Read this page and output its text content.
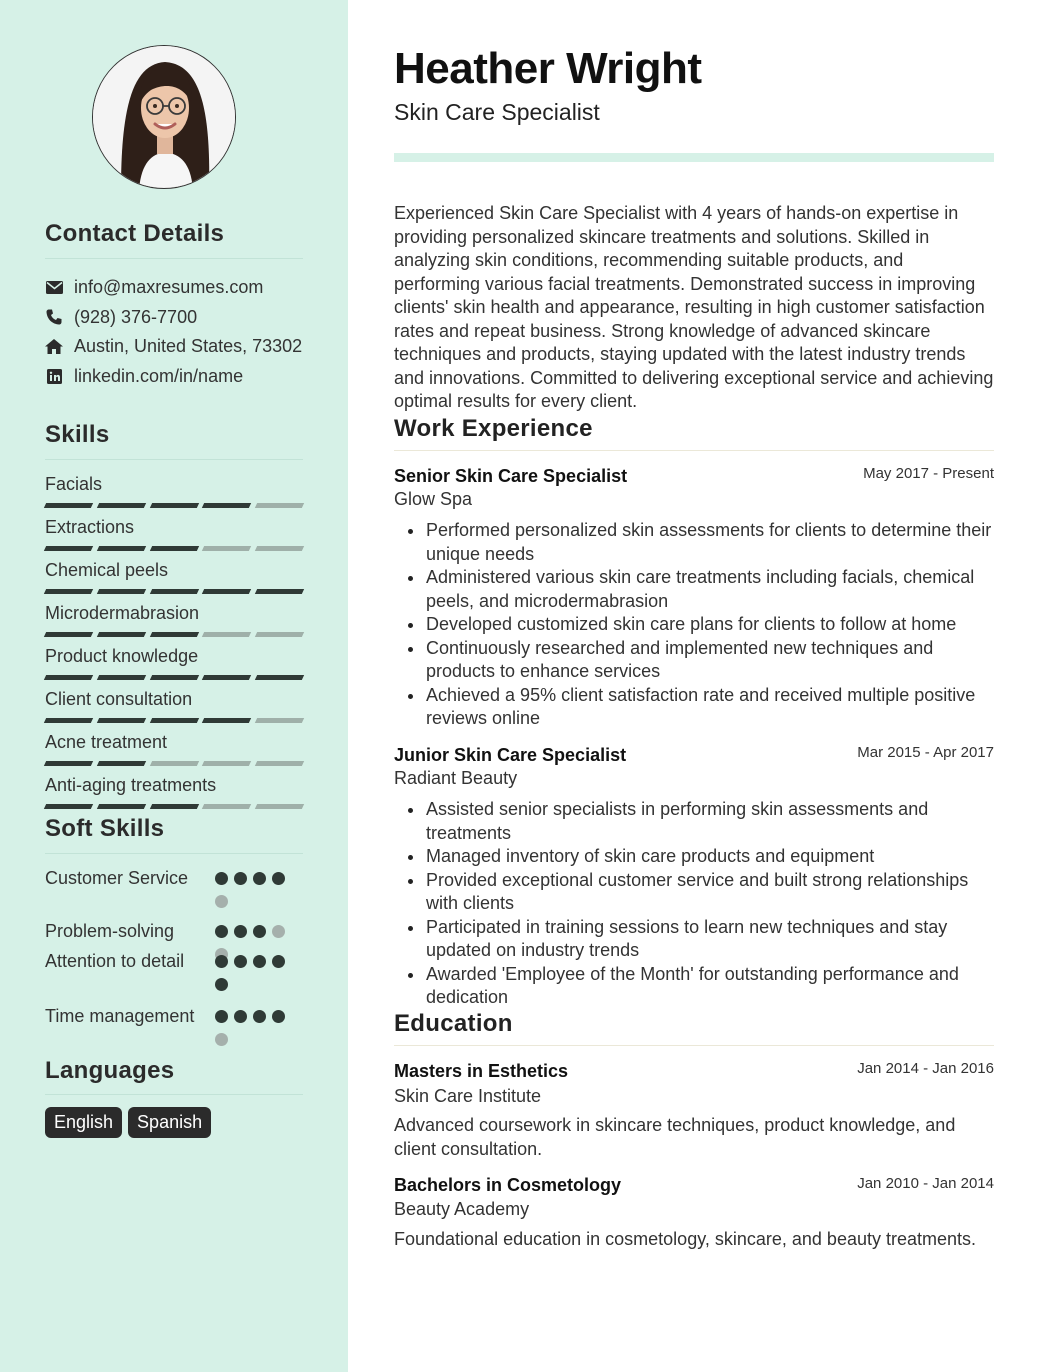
Contact Details
info@maxresumes.com
(928) 376-7700
Austin, United States, 73302
linkedin.com/in/name
Skills
Facials
Extractions
Chemical peels
Microdermabrasion
Product knowledge
Client consultation
Acne treatment
Anti-aging treatments
Soft Skills
Customer Service
Problem-solving
Attention to detail
Time management
Languages
English	Spanish
Heather Wright
Skin Care Specialist
Experienced Skin Care Specialist with 4 years of hands-on expertise in providing personalized skincare treatments and solutions. Skilled in analyzing skin conditions, recommending suitable products, and performing various facial treatments. Demonstrated success in improving clients' skin health and appearance, resulting in high customer satisfaction rates and repeat business. Strong knowledge of advanced skincare techniques and products, staying updated with the latest industry trends and innovations. Committed to delivering exceptional service and achieving optimal results for every client.
Work Experience
Senior Skin Care Specialist	May 2017 - Present
Glow Spa
Performed personalized skin assessments for clients to determine their unique needs
Administered various skin care treatments including facials, chemical peels, and microdermabrasion
Developed customized skin care plans for clients to follow at home
Continuously researched and implemented new techniques and products to enhance services
Achieved a 95% client satisfaction rate and received multiple positive reviews online
Junior Skin Care Specialist	Mar 2015 - Apr 2017
Radiant Beauty
Assisted senior specialists in performing skin assessments and treatments
Managed inventory of skin care products and equipment
Provided exceptional customer service and built strong relationships with clients
Participated in training sessions to learn new techniques and stay updated on industry trends
Awarded 'Employee of the Month' for outstanding performance and dedication
Education
Masters in Esthetics	Jan 2014 - Jan 2016
Skin Care Institute
Advanced coursework in skincare techniques, product knowledge, and client consultation.
Bachelors in Cosmetology	Jan 2010 - Jan 2014
Beauty Academy
Foundational education in cosmetology, skincare, and beauty treatments.
